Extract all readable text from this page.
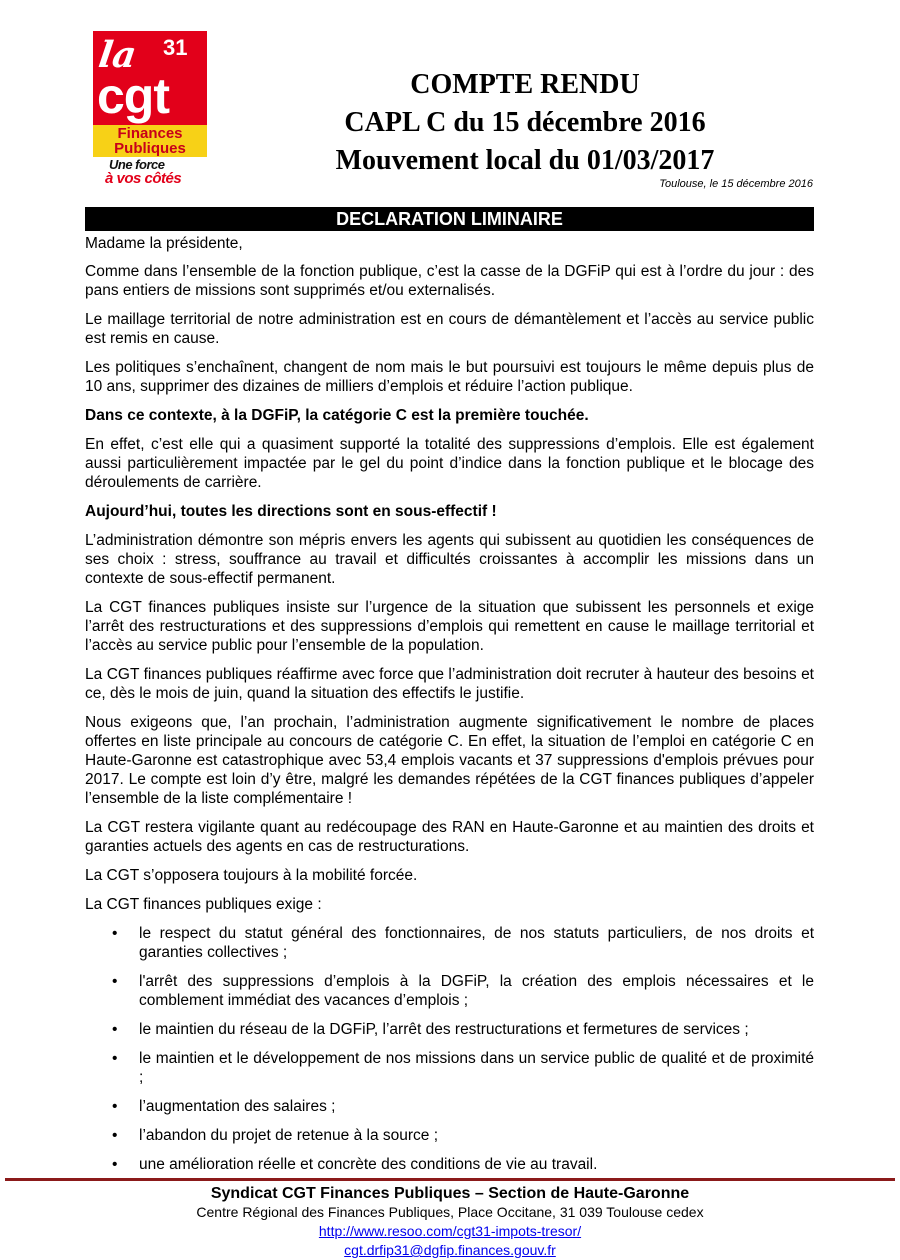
la 31
cgt
Finances
Publiques
Une force
à vos côtés
COMPTE RENDU
CAPL C du 15 décembre 2016
Mouvement local du 01/03/2017
Toulouse, le 15 décembre 2016
DECLARATION LIMINAIRE

Madame la présidente,

Comme dans l’ensemble de la fonction publique, c’est la casse de la DGFiP qui est à l’ordre du jour : des pans entiers de missions sont supprimés et/ou externalisés.

Le maillage territorial de notre administration est en cours de démantèlement et l’accès au service public est remis en cause.

Les politiques s’enchaînent, changent de nom mais le but poursuivi est toujours le même depuis plus de 10 ans, supprimer des dizaines de milliers d’emplois et réduire l’action publique.

Dans ce contexte, à la DGFiP, la catégorie C est la première touchée.

En effet, c’est elle qui a quasiment supporté la totalité des suppressions d’emplois. Elle est également aussi particulièrement impactée par le gel du point d’indice dans la fonction publique et le blocage des déroulements de carrière.

Aujourd’hui, toutes les directions sont en sous-effectif !

L’administration démontre son mépris envers les agents qui subissent au quotidien les conséquences de ses choix : stress, souffrance au travail et difficultés croissantes à accomplir les missions dans un contexte de sous-effectif permanent.

La CGT finances publiques insiste sur l’urgence de la situation que subissent les personnels et exige l’arrêt des restructurations et des suppressions d’emplois qui remettent en cause le maillage territorial et l’accès au service public pour l’ensemble de la population.

La CGT finances publiques réaffirme avec force que l’administration doit recruter à hauteur des besoins et ce, dès le mois de juin, quand la situation des effectifs le justifie.

Nous exigeons que, l’an prochain, l’administration augmente significativement le nombre de places offertes en liste principale au concours de catégorie C. En effet, la situation de l’emploi en catégorie C en Haute-Garonne est catastrophique avec 53,4 emplois vacants et 37 suppressions d'emplois prévues pour 2017. Le compte est loin d’y être, malgré les demandes répétées de la CGT finances publiques d’appeler l’ensemble de la liste complémentaire !

La CGT restera vigilante quant au redécoupage des RAN en Haute-Garonne et au maintien des droits et garanties actuels des agents en cas de restructurations.

La CGT s’opposera toujours à la mobilité forcée.

La CGT finances publiques exige :

• le respect du statut général des fonctionnaires, de nos statuts particuliers, de nos droits et garanties collectives ;
• l'arrêt des suppressions d’emplois à la DGFiP, la création des emplois nécessaires et le comblement immédiat des vacances d’emplois ;
• le maintien du réseau de la DGFiP, l’arrêt des restructurations et fermetures de services ;
• le maintien et le développement de nos missions dans un service public de qualité et de proximité ;
• l’augmentation des salaires ;
• l’abandon du projet de retenue à la source ;
• une amélioration réelle et concrète des conditions de vie au travail.
Syndicat CGT Finances Publiques – Section de Haute-Garonne
Centre Régional des Finances Publiques, Place Occitane, 31 039 Toulouse cedex
http://www.resoo.com/cgt31-impots-tresor/
cgt.drfip31@dgfip.finances.gouv.fr
